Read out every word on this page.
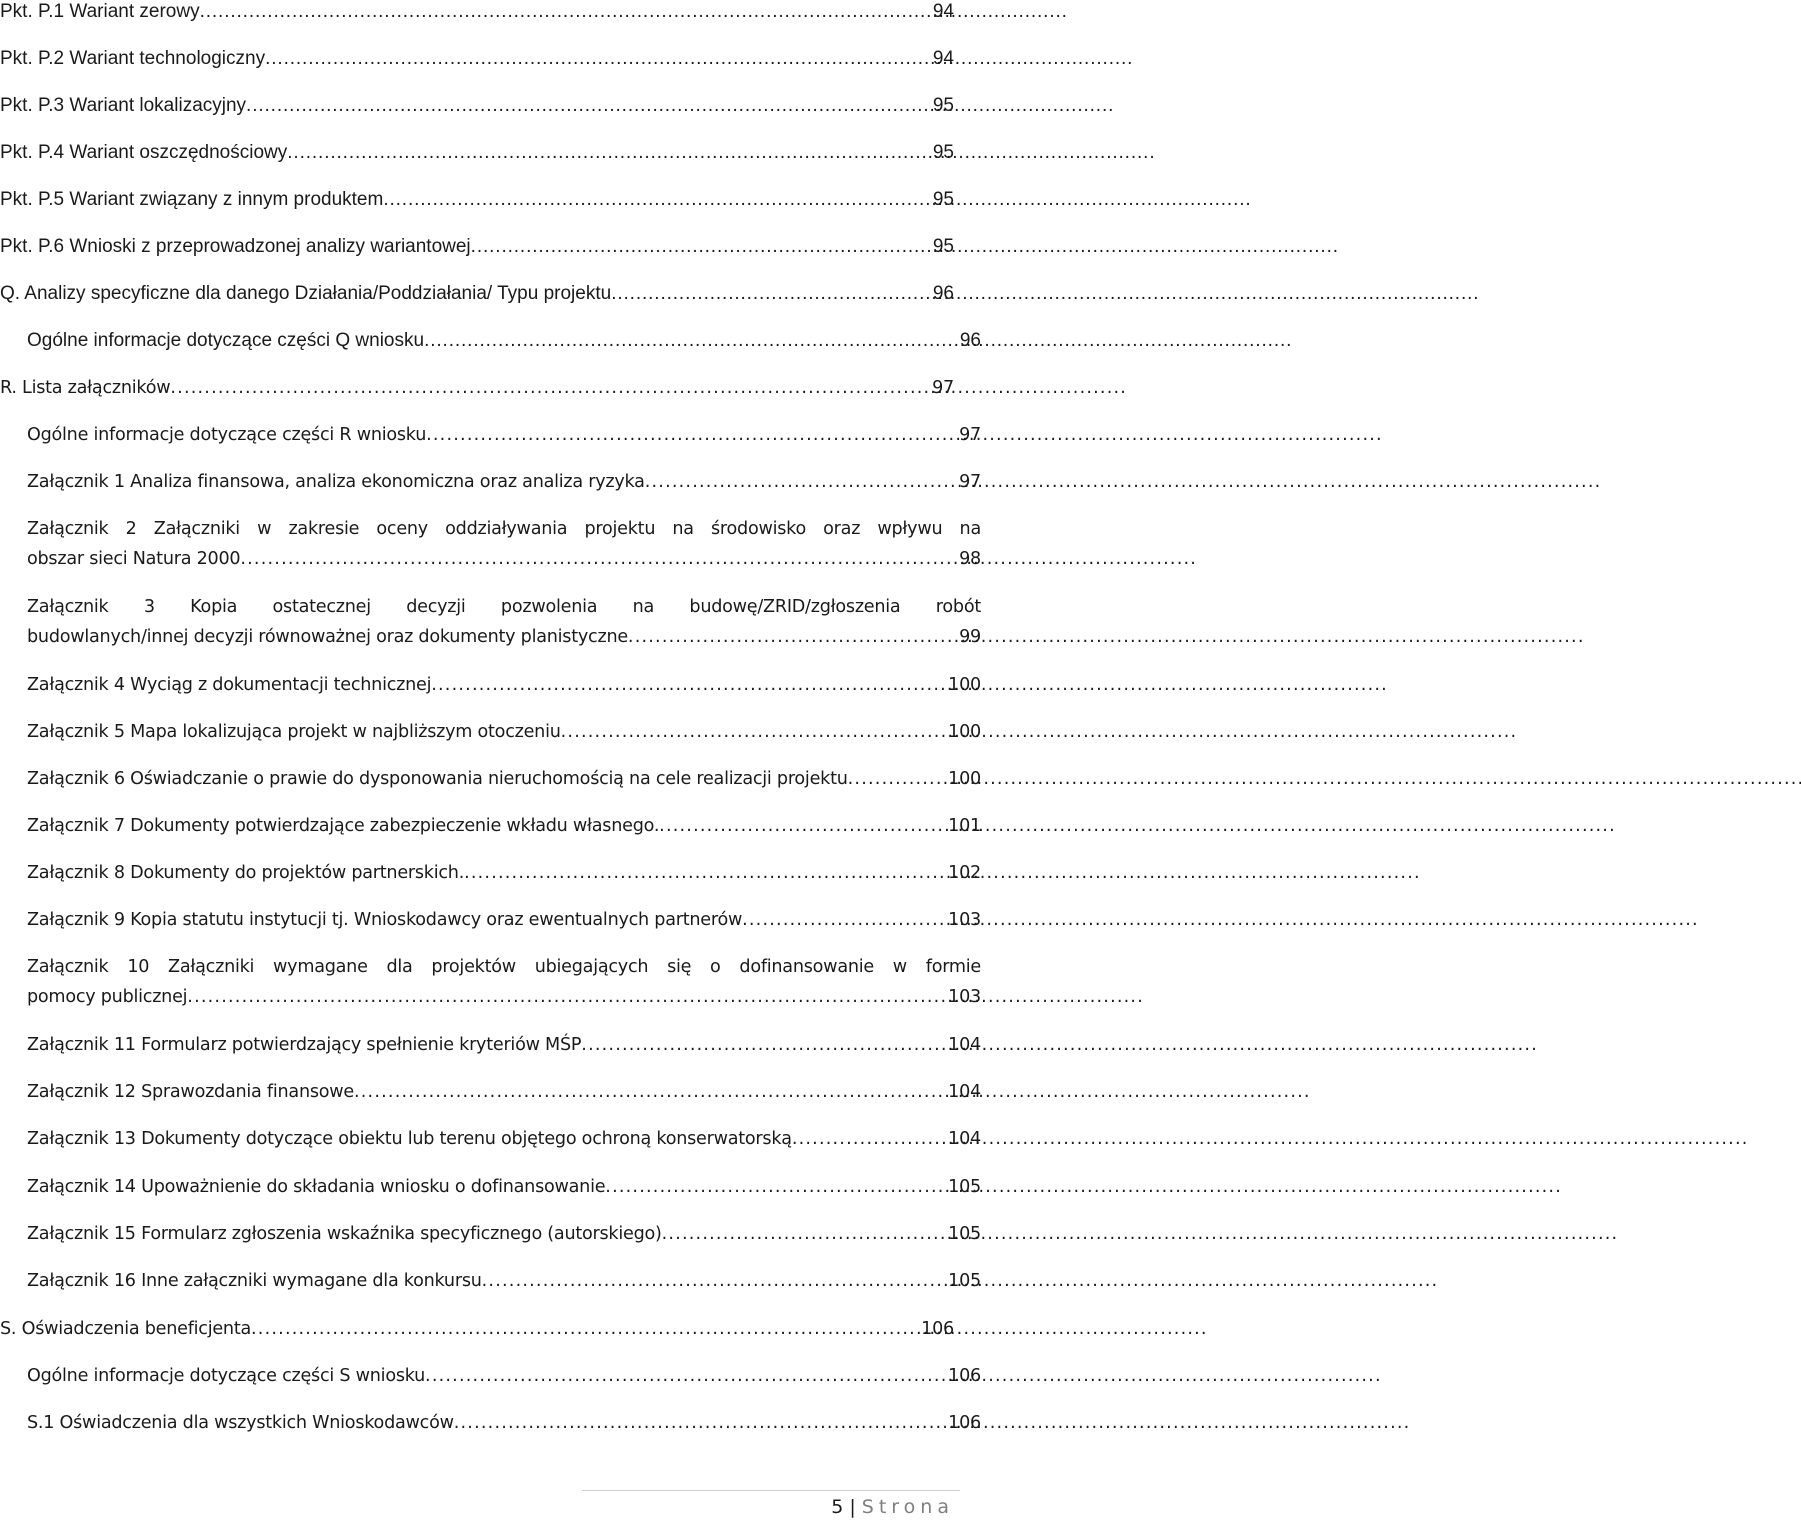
Pkt. P.1 Wariant zerowy . . .	94
Pkt. P.2 Wariant technologiczny . . .	94
Pkt. P.3 Wariant lokalizacyjny . . .	95
Pkt. P.4 Wariant oszczędnościowy . . .	95
Pkt. P.5 Wariant związany z innym produktem . . .	95
Pkt. P.6 Wnioski z przeprowadzonej analizy wariantowej . . .	95
Q. Analizy specyficzne dla danego Działania/Poddziałania/ Typu projektu . . .	96
Ogólne informacje dotyczące części Q wniosku . . .	96
R. Lista załączników . . .	97
Ogólne informacje dotyczące części R wniosku . . .	97
Załącznik 1 Analiza finansowa, analiza ekonomiczna oraz analiza ryzyka . . .	97
Załącznik 2 Załączniki w zakresie oceny oddziaływania projektu na środowisko oraz wpływu na
obszar sieci Natura 2000 . . .	98
Załącznik 3 Kopia ostatecznej decyzji pozwolenia na budowę/ZRID/zgłoszenia robót
budowlanych/innej decyzji równoważnej oraz dokumenty planistyczne . . .	99
Załącznik 4 Wyciąg z dokumentacji technicznej . . .	100
Załącznik 5 Mapa lokalizująca projekt w najbliższym otoczeniu . . .	100
Załącznik 6 Oświadczanie o prawie do dysponowania nieruchomością na cele realizacji projektu . . .	100
Załącznik 7 Dokumenty potwierdzające zabezpieczenie wkładu własnego. . . .	101
Załącznik 8 Dokumenty do projektów partnerskich. . . .	102
Załącznik 9 Kopia statutu instytucji tj. Wnioskodawcy oraz ewentualnych partnerów . . .	103
Załącznik 10 Załączniki wymagane dla projektów ubiegających się o dofinansowanie w formie
pomocy publicznej . . .	103
Załącznik 11 Formularz potwierdzający spełnienie kryteriów MŚP . . .	104
Załącznik 12 Sprawozdania finansowe . . .	104
Załącznik 13 Dokumenty dotyczące obiektu lub terenu objętego ochroną konserwatorską . . .	104
Załącznik 14 Upoważnienie do składania wniosku o dofinansowanie . . .	105
Załącznik 15 Formularz zgłoszenia wskaźnika specyficznego (autorskiego) . . .	105
Załącznik 16 Inne załączniki wymagane dla konkursu . . .	105
S. Oświadczenia beneficjenta . . .	106
Ogólne informacje dotyczące części S wniosku . . .	106
S.1 Oświadczenia dla wszystkich Wnioskodawców . . .	106
5 | Strona
